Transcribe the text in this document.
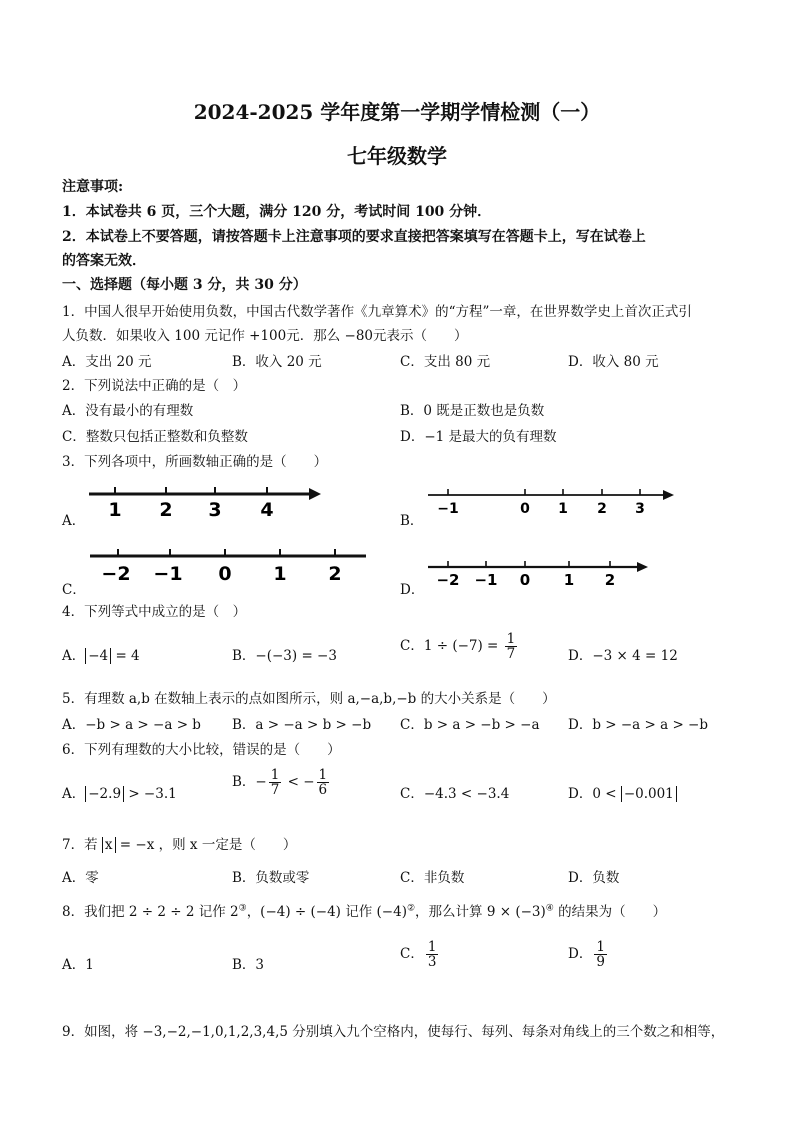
2024-2025 学年度第一学期学情检测（一）
七年级数学
注意事项:
1．本试卷共 6 页，三个大题，满分 120 分，考试时间 100 分钟．
2．本试卷上不要答题，请按答题卡上注意事项的要求直接把答案填写在答题卡上，写在试卷上
的答案无效．
一、选择题（每小题 3 分，共 30 分）
1．中国人很早开始使用负数，中国古代数学著作《九章算术》的“方程”一章，在世界数学史上首次正式引
人负数．如果收入 100 元记作 +100元．那么 −80元表示（　　）
A．支出 20 元	B．收入 20 元	C．支出 80 元	D．收入 80 元
2．下列说法中正确的是（　）
A．没有最小的有理数	B．0 既是正数也是负数
C．整数只包括正整数和负整数	D．−1 是最大的负有理数
3．下列各项中，所画数轴正确的是（　　）
A．	B．
C．	D．
1 2 3 4	−1	0 1 2 3
−2 −1 0 1 2	−2 −1 0 1 2
4．下列等式中成立的是（　）
A． −4 = 4	B．−(−3) = −3
C．$1 \div (-7) = \frac{1}{7}$	D．−3 × 4 = 12
5．有理数 a,b 在数轴上表示的点如图所示，则 a,−a,b,−b 的大小关系是（　　）
A．−b > a > −a > b B．a > −a > b > −b C．b > a > −b > −a D．b > −a > a > −b
6．下列有理数的大小比较，错误的是（　　）
A． −2.9 > −3.1
B．− $\frac{1}{7}$ < − $\frac{1}{6}$	C．−4.3 < −3.4	D．0 < −0.001
7．若 x = −x ，则 x 一定是（　　）
A．零	B．负数或零	C．非负数	D．负数
8．我们把 2 ÷ 2 ÷ 2 记作 2③，(−4) ÷ (−4) 记作 (−4)②，那么计算 9 × (−3)④ 的结果为（　　）
A．1	B．3
C． $\frac{1}{3}$	D． $\frac{1}{9}$
9．如图，将 −3,−2,−1,0,1,2,3,4,5 分别填入九个空格内，使每行、每列、每条对角线上的三个数之和相等，
